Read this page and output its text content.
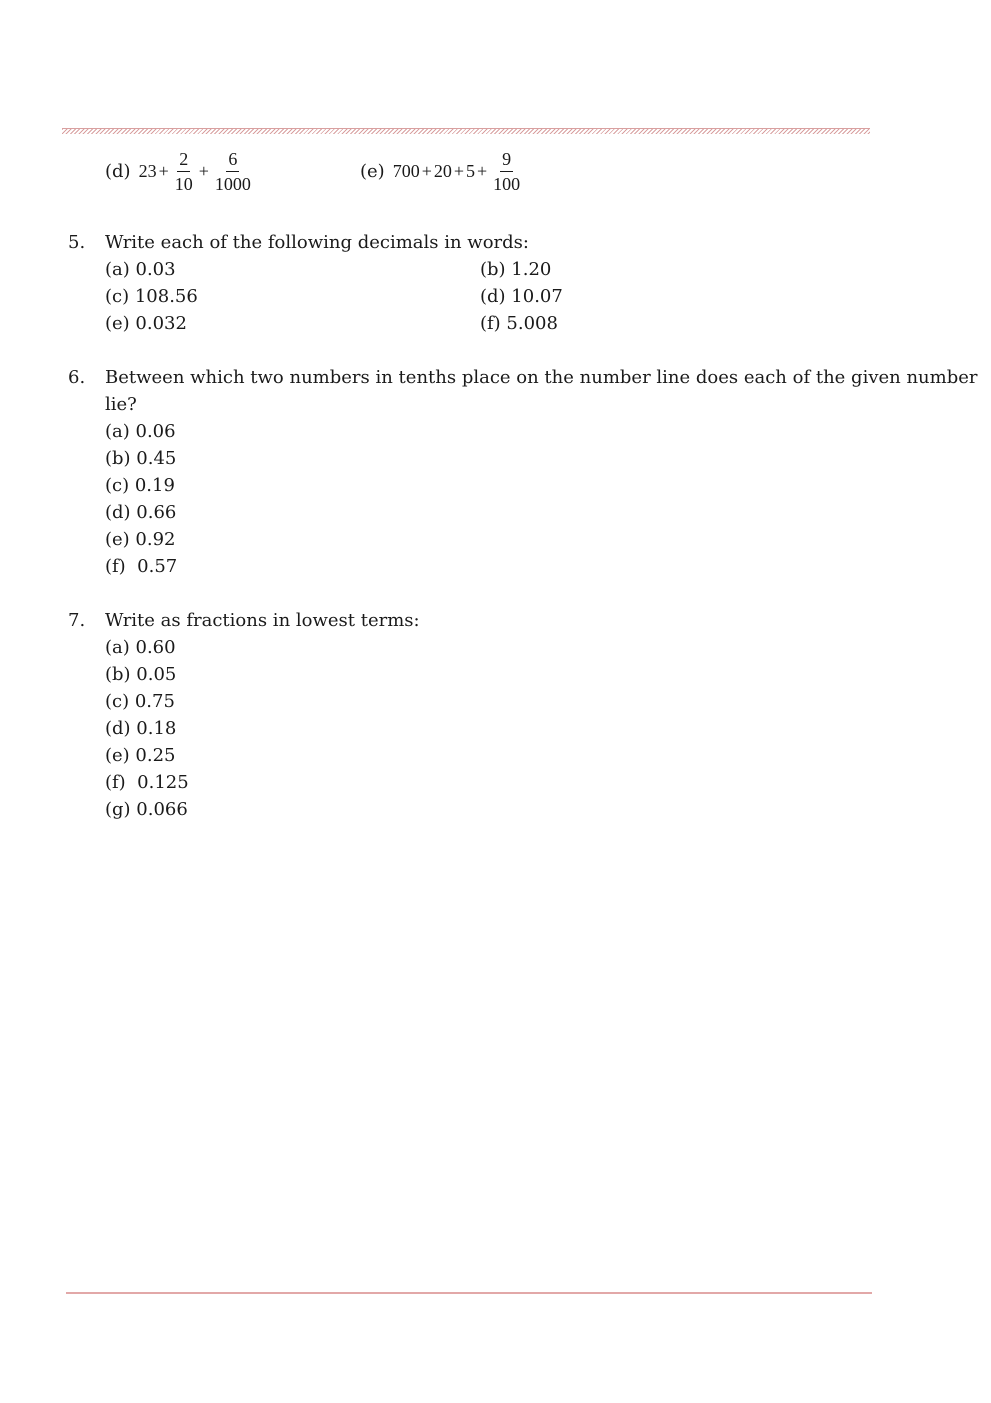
(d) $23 + \frac{2}{10} + \frac{6}{1000}$	(e) $700 + 20 + 5 + \frac{9}{100}$
5. Write each of the following decimals in words:
(a) 0.03	(b) 1.20
(c) 108.56	(d) 10.07
(e) 0.032	(f) 5.008
6. Between which two numbers in tenths place on the number line does each of the given number
lie?
(a) 0.06
(b) 0.45
(c) 0.19
(d) 0.66
(e) 0.92
(f)  0.57
7. Write as fractions in lowest terms:
(a) 0.60
(b) 0.05
(c) 0.75
(d) 0.18
(e) 0.25
(f)  0.125
(g) 0.066
